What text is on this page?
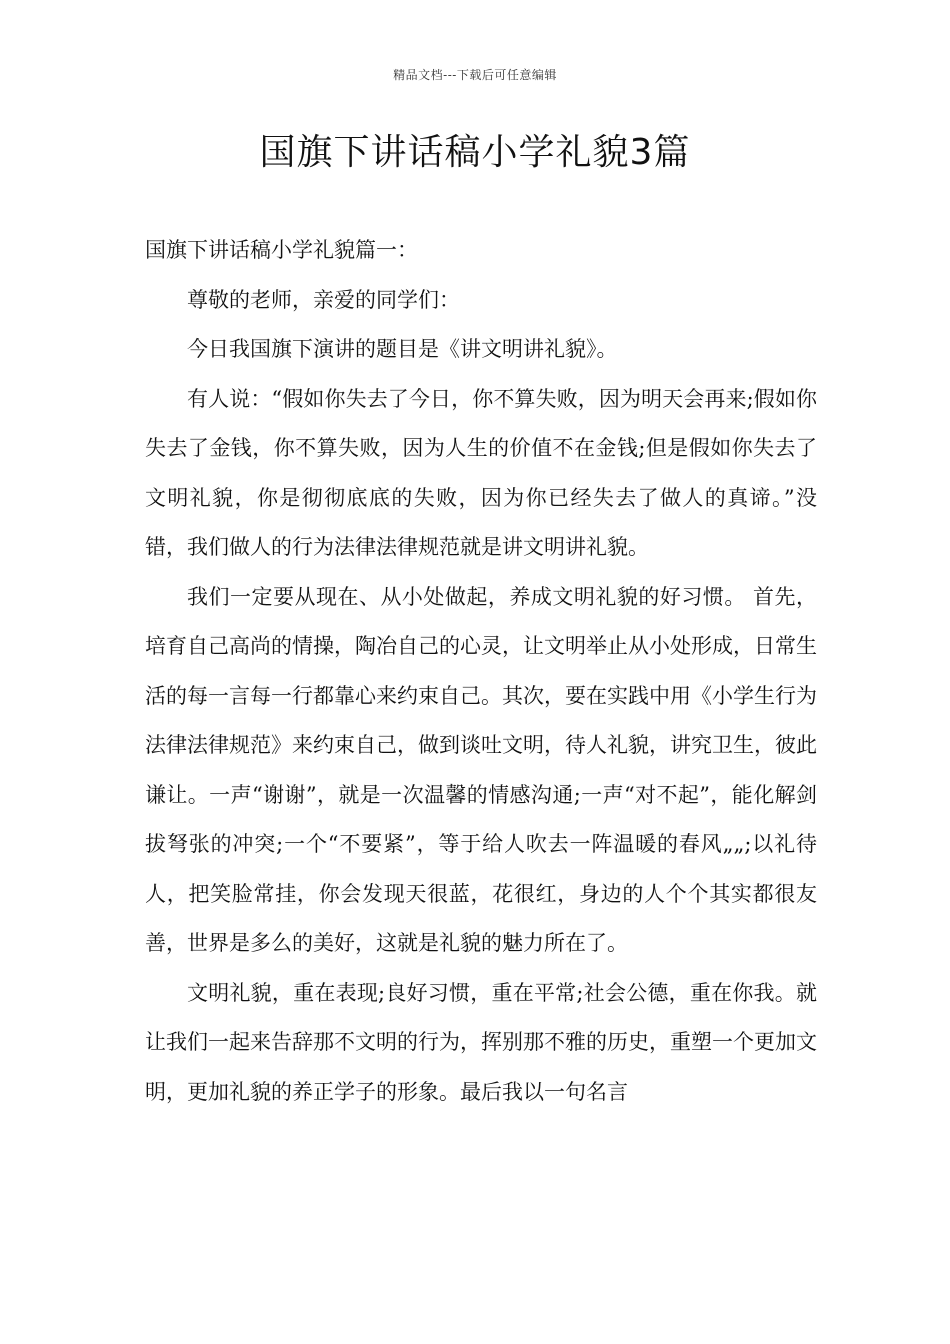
精品文档---下载后可任意编辑
国旗下讲话稿小学礼貌3篇

国旗下讲话稿小学礼貌篇一：

尊敬的老师，亲爱的同学们：

今日我国旗下演讲的题目是《讲文明讲礼貌》。

有人说：“假如你失去了今日，你不算失败，因为明天会再来;假如你失去了金钱，你不算失败，因为人生的价值不在金钱;但是假如你失去了文明礼貌，你是彻彻底底的失败，因为你已经失去了做人的真谛。”没错，我们做人的行为法律法律规范就是讲文明讲礼貌。

我们一定要从现在、从小处做起，养成文明礼貌的好习惯。 首先，培育自己高尚的情操，陶冶自己的心灵，让文明举止从小处形成，日常生活的每一言每一行都靠心来约束自己。其次，要在实践中用《小学生行为法律法律规范》来约束自己，做到谈吐文明，待人礼貌，讲究卫生，彼此谦让。一声“谢谢”，就是一次温馨的情感沟通;一声“对不起”，能化解剑拔弩张的冲突;一个“不要紧”，等于给人吹去一阵温暖的春风„„;以礼待人，把笑脸常挂，你会发现天很蓝，花很红，身边的人个个其实都很友善，世界是多么的美好，这就是礼貌的魅力所在了。

文明礼貌，重在表现;良好习惯，重在平常;社会公德，重在你我。就让我们一起来告辞那不文明的行为，挥别那不雅的历史，重塑一个更加文明，更加礼貌的养正学子的形象。最后我以一句名言
